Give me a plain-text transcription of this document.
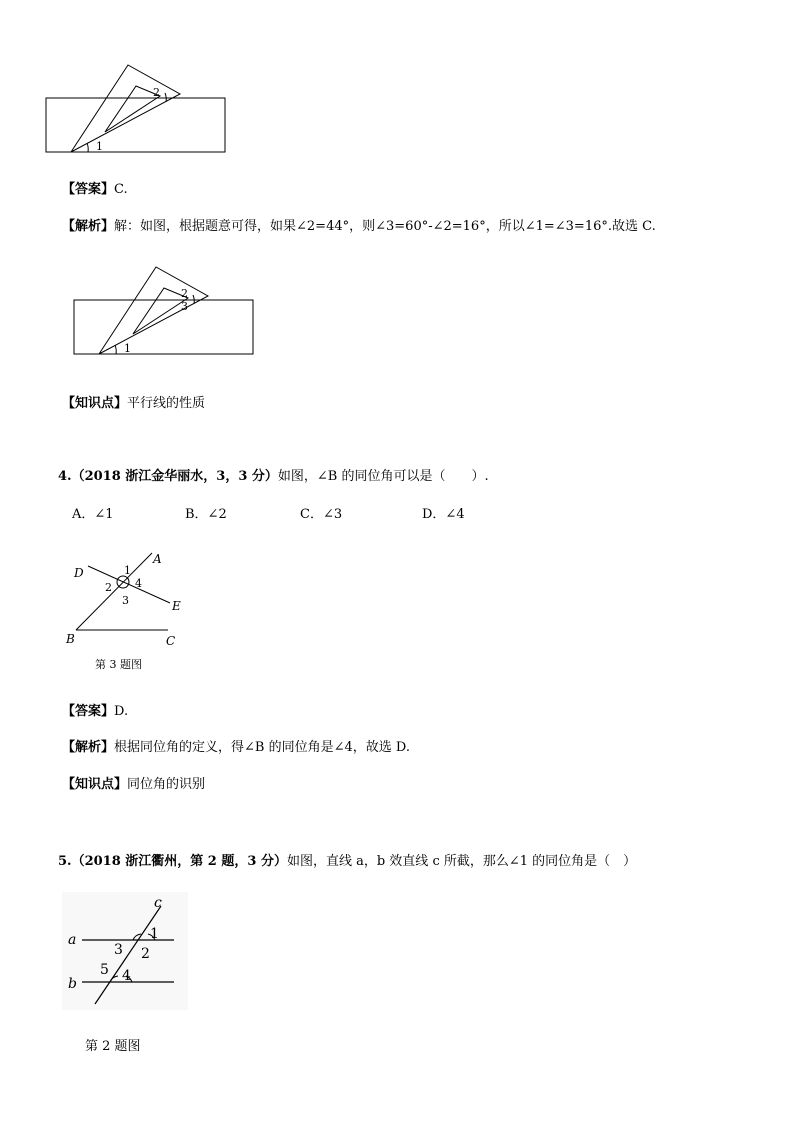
1
2
【答案】C.
【解析】解：如图，根据题意可得，如果∠2=44°，则∠3=60°-∠2=16°，所以∠1=∠3=16°.故选 C.
1
2
3
【知识点】平行线的性质
4.（2018 浙江金华丽水，3，3 分）如图，∠B 的同位角可以是（　　）.
A．∠1	B．∠2	C．∠3	D．∠4
A
D
E
B	C
1
2
3
4
第 3 题图
【答案】D.
【解析】根据同位角的定义，得∠B 的同位角是∠4，故选 D.
【知识点】同位角的识别
5.（2018 浙江衢州，第 2 题，3 分）如图，直线 a，b 效直线 c 所截，那么∠1 的同位角是（　）
a
b
c
1
2
3
4
5
第 2 题图
